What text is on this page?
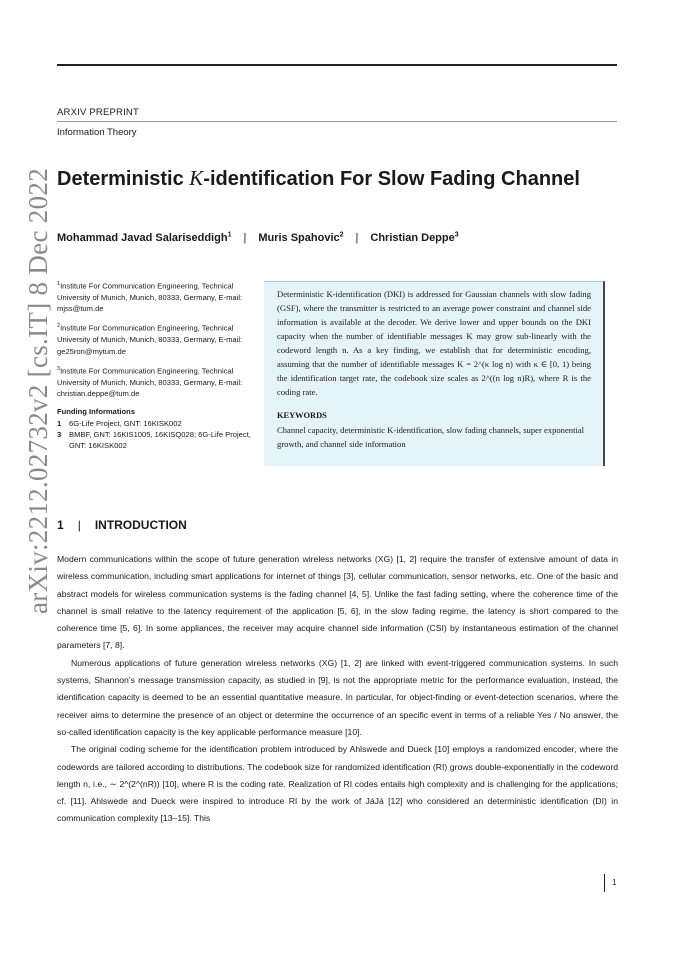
ARXIV PREPRINT
Information Theory
arXiv:2212.02732v2 [cs.IT] 8 Dec 2022 Deterministic K-identification For Slow Fading Channel
Mohammad Javad Salariseddigh$^1$ | Muris Spahovic$^2$ | Christian Deppe$^3$
$^1$Institute For Communication Engineering, Technical University of Munich, Munich, 80333, Germany, E-mail: mjss@tum.de
$^2$Institute For Communication Engineering, Technical University of Munich, Munich, 80333, Germany, E-mail: ge25ron@mytum.de
$^3$Institute For Communication Engineering, Technical University of Munich, Munich, 80333, Germany, E-mail: christian.deppe@tum.de
Funding Informations
1	6G-Life Project, GNT: 16KISK002
3	BMBF, GNT: 16KIS1005, 16KISQ028; 6G-Life Project, GNT: 16KISK002

Deterministic K-identification (DKI) is addressed for Gaussian channels with slow fading (GSF), where the transmitter is restricted to an average power constraint and channel side information is available at the decoder. We derive lower and upper bounds on the DKI capacity when the number of identifiable messages K may grow sub-linearly with the codeword length n. As a key finding, we establish that for deterministic encoding, assuming that the number of identifiable messages K = 2^(κ log n) with κ ∈ [0, 1) being the identification target rate, the codebook size scales as 2^((n log n)R), where R is the coding rate.

KEYWORDS
Channel capacity, deterministic K-identification, slow fading channels, super exponential growth, and channel side information
1 | INTRODUCTION

Modern communications within the scope of future generation wireless networks (XG) [1, 2] require the transfer of extensive amount of data in wireless communication, including smart applications for internet of things [3], cellular communication, sensor networks, etc. One of the basic and abstract models for wireless communication systems is the fading channel [4, 5]. Unlike the fast fading setting, where the coherence time of the channel is small relative to the latency requirement of the application [5, 6], in the slow fading regime, the latency is short compared to the coherence time [5, 6]. In some appliances, the receiver may acquire channel side information (CSI) by instantaneous estimation of the channel parameters [7, 8].

Numerous applications of future generation wireless networks (XG) [1, 2] are linked with event-triggered communication systems. In such systems, Shannon’s message transmission capacity, as studied in [9], is not the appropriate metric for the performance evaluation, instead, the identification capacity is deemed to be an essential quantitative measure. In particular, for object-finding or event-detection scenarios, where the receiver aims to determine the presence of an object or determine the occurrence of an specific event in terms of a reliable Yes / No answer, the so-called identification capacity is the key applicable performance measure [10].

The original coding scheme for the identification problem introduced by Ahlswede and Dueck [10] employs a randomized encoder, where the codewords are tailored according to distributions. The codebook size for randomized identification (RI) grows double-exponentially in the codeword length n, i.e., ∼ 2^(2^(nR)) [10], where R is the coding rate. Realization of RI codes entails high complexity and is challenging for the applications; cf. [11]. Ahlswede and Dueck were inspired to introduce RI by the work of JáJá [12] who considered an deterministic identification (DI) in communication complexity [13–15]. This

1
